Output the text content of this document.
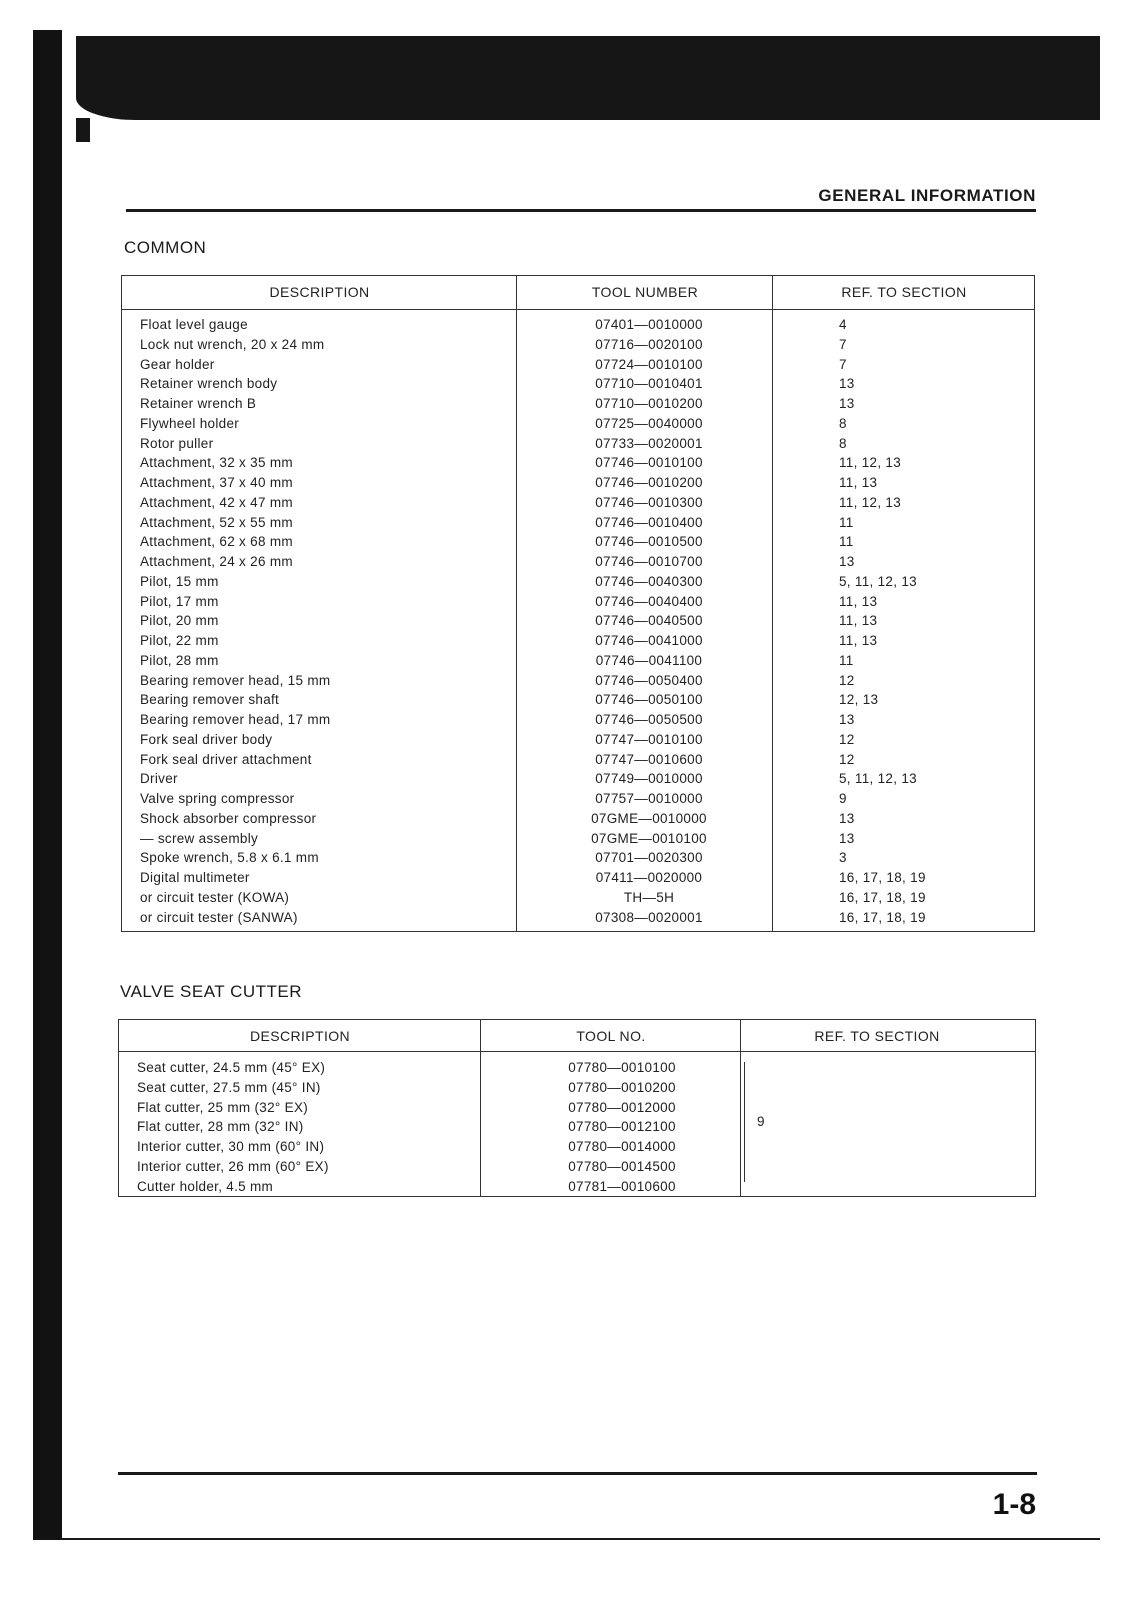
GENERAL INFORMATION
COMMON
DESCRIPTION	TOOL NUMBER	REF. TO SECTION
Float level gauge	07401—0010000	4
Lock nut wrench, 20 x 24 mm	07716—0020100	7
Gear holder	07724—0010100	7
Retainer wrench body	07710—0010401	13
Retainer wrench B	07710—0010200	13
Flywheel holder	07725—0040000	8
Rotor puller	07733—0020001	8
Attachment, 32 x 35 mm	07746—0010100	11, 12, 13
Attachment, 37 x 40 mm	07746—0010200	11, 13
Attachment, 42 x 47 mm	07746—0010300	11, 12, 13
Attachment, 52 x 55 mm	07746—0010400	11
Attachment, 62 x 68 mm	07746—0010500	11
Attachment, 24 x 26 mm	07746—0010700	13
Pilot, 15 mm	07746—0040300	5, 11, 12, 13
Pilot, 17 mm	07746—0040400	11, 13
Pilot, 20 mm	07746—0040500	11, 13
Pilot, 22 mm	07746—0041000	11, 13
Pilot, 28 mm	07746—0041100	11
Bearing remover head, 15 mm	07746—0050400	12
Bearing remover shaft	07746—0050100	12, 13
Bearing remover head, 17 mm	07746—0050500	13
Fork seal driver body	07747—0010100	12
Fork seal driver attachment	07747—0010600	12
Driver	07749—0010000	5, 11, 12, 13
Valve spring compressor	07757—0010000	9
Shock absorber compressor	07GME—0010000	13
— screw assembly	07GME—0010100	13
Spoke wrench, 5.8 x 6.1 mm	07701—0020300	3
Digital multimeter	07411—0020000	16, 17, 18, 19
or circuit tester (KOWA)	TH—5H	16, 17, 18, 19
or circuit tester (SANWA)	07308—0020001	16, 17, 18, 19
VALVE SEAT CUTTER
DESCRIPTION	TOOL NO.	REF. TO SECTION
Seat cutter, 24.5 mm (45° EX)	07780—0010100
Seat cutter, 27.5 mm (45° IN)	07780—0010200
Flat cutter, 25 mm (32° EX)	07780—0012000
Flat cutter, 28 mm (32° IN)	07780—0012100
Interior cutter, 30 mm (60° IN)	07780—0014000
Interior cutter, 26 mm (60° EX)	07780—0014500
Cutter holder, 4.5 mm	07781—0010600
9
1-8
